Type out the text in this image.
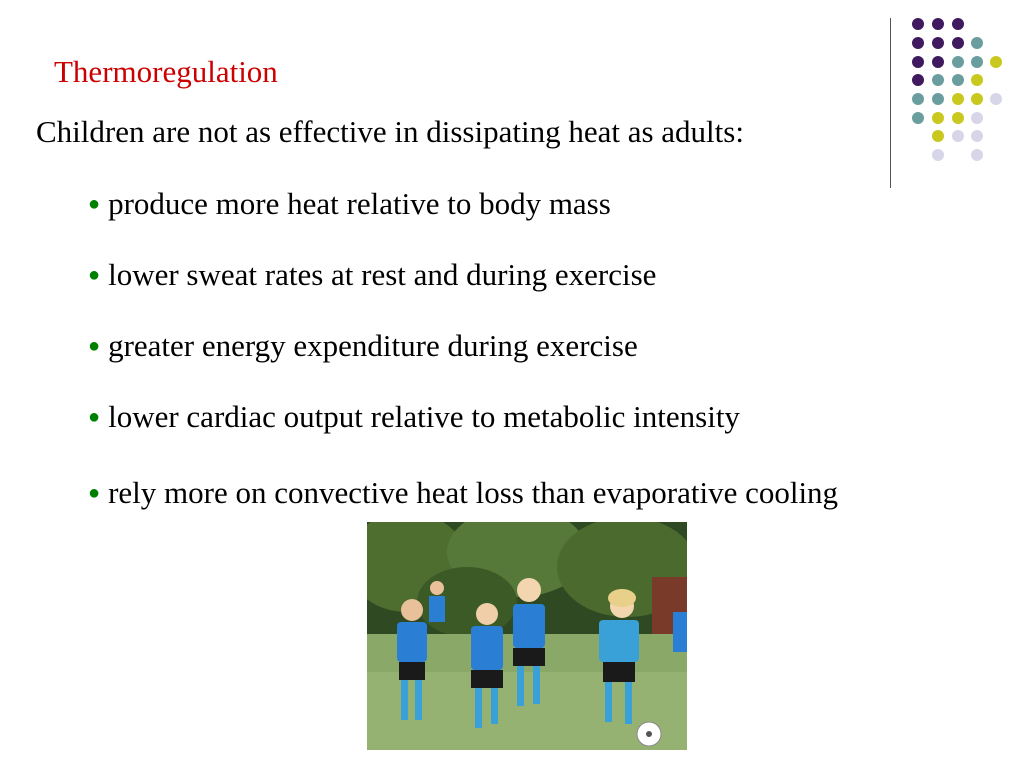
Thermoregulation
Children are not as effective in dissipating heat as adults:
● produce more heat relative to body mass
● lower sweat rates at rest and during exercise
● greater energy expenditure during exercise
● lower cardiac output relative to metabolic intensity
● rely more on convective heat loss than evaporative cooling
